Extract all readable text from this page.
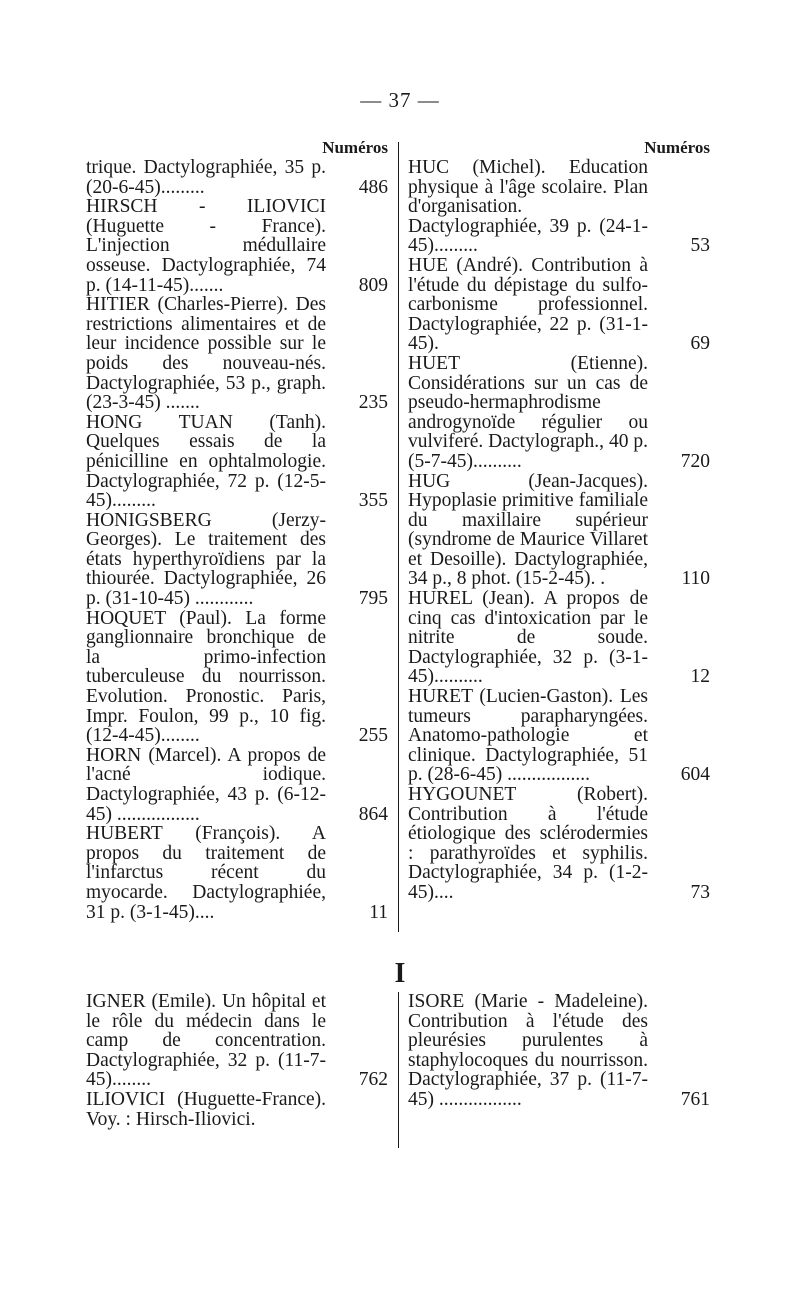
— 37 —
Numéros
trique. Dactylographiée, 35 p. (20-6-45).........	486
HIRSCH - ILIOVICI (Huguette - France). L'injection médullaire osseuse. Dactylographiée, 74 p. (14-11-45).......	809
HITIER (Charles-Pierre). Des restrictions alimentaires et de leur incidence possible sur le poids des nouveau-nés. Dactylographiée, 53 p., graph. (23-3-45) .......	235
HONG TUAN (Tanh). Quelques essais de la pénicilline en ophtalmologie. Dactylographiée, 72 p. (12-5-45).........	355
HONIGSBERG (Jerzy-Georges). Le traitement des états hyperthyroïdiens par la thiourée. Dactylographiée, 26 p. (31-10-45) ............	795
HOQUET (Paul). La forme ganglionnaire bronchique de la primo-infection tuberculeuse du nourrisson. Evolution. Pronostic. Paris, Impr. Foulon, 99 p., 10 fig. (12-4-45)........	255
HORN (Marcel). A propos de l'acné iodique. Dactylographiée, 43 p. (6-12-45) .................	864
HUBERT (François). A propos du traitement de l'infarctus récent du myocarde. Dactylographiée, 31 p. (3-1-45)....	11
Numéros
HUC (Michel). Education physique à l'âge scolaire. Plan d'organisation. Dactylographiée, 39 p. (24-1-45).........	53
HUE (André). Contribution à l'étude du dépistage du sulfo-carbonisme professionnel. Dactylographiée, 22 p. (31-1-45).	69
HUET (Etienne). Considérations sur un cas de pseudo-hermaphrodisme androgynoïde régulier ou vulviferé. Dactylograph., 40 p. (5-7-45)..........	720
HUG (Jean-Jacques). Hypoplasie primitive familiale du maxillaire supérieur (syndrome de Maurice Villaret et Desoille). Dactylographiée, 34 p., 8 phot. (15-2-45). .	110
HUREL (Jean). A propos de cinq cas d'intoxication par le nitrite de soude. Dactylographiée, 32 p. (3-1-45)..........	12
HURET (Lucien-Gaston). Les tumeurs parapharyngées. Anatomo-pathologie et clinique. Dactylographiée, 51 p. (28-6-45) .................	604
HYGOUNET (Robert). Contribution à l'étude étiologique des sclérodermies : parathyroïdes et syphilis. Dactylographiée, 34 p. (1-2-45)....	73
I
IGNER (Emile). Un hôpital et le rôle du médecin dans le camp de concentration. Dactylographiée, 32 p. (11-7-45)........	762
ILIOVICI (Huguette-France). Voy. : Hirsch-Iliovici.
ISORE (Marie - Madeleine). Contribution à l'étude des pleurésies purulentes à staphylocoques du nourrisson. Dactylographiée, 37 p. (11-7-45) .................	761
